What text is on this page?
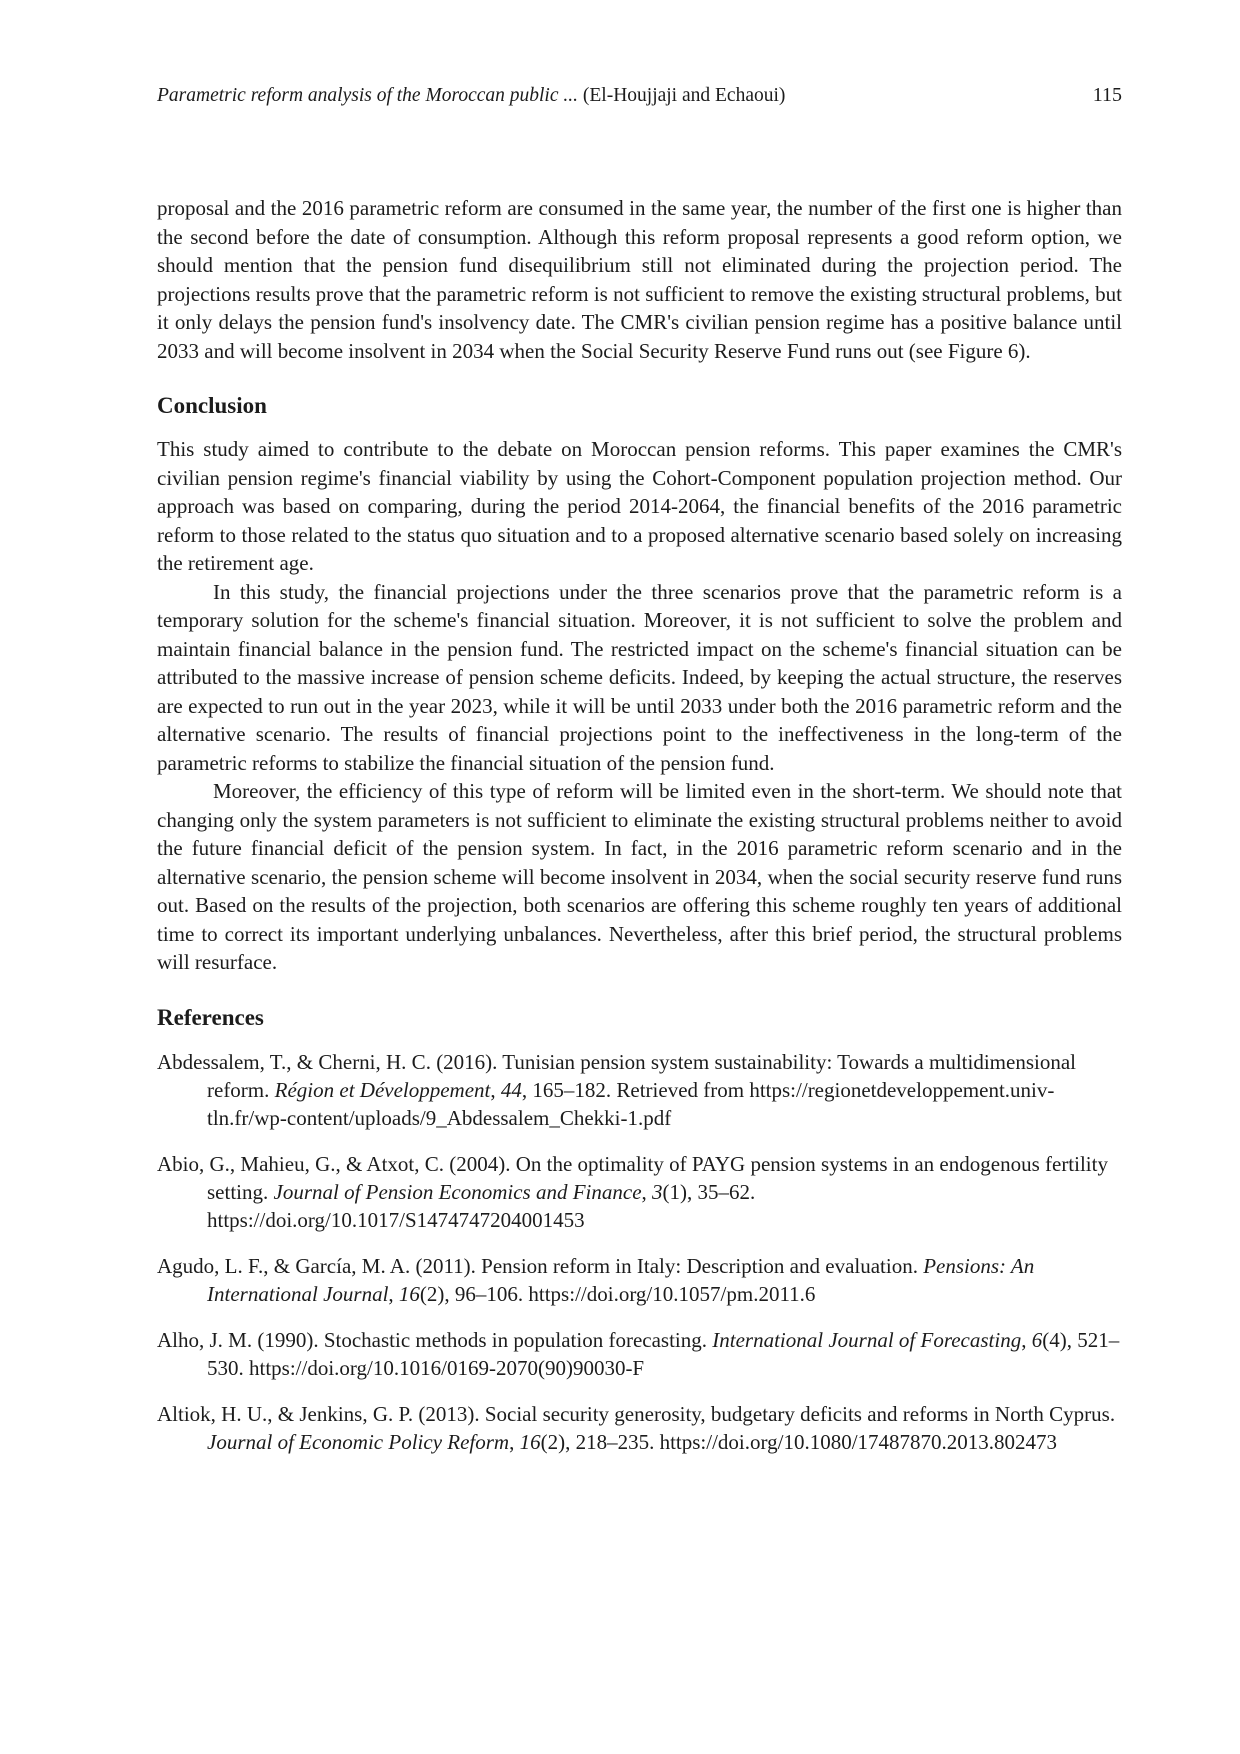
Parametric reform analysis of the Moroccan public ... (El-Houjjaji and Echaoui)	115

proposal and the 2016 parametric reform are consumed in the same year, the number of the first one is higher than the second before the date of consumption. Although this reform proposal represents a good reform option, we should mention that the pension fund disequilibrium still not eliminated during the projection period. The projections results prove that the parametric reform is not sufficient to remove the existing structural problems, but it only delays the pension fund's insolvency date. The CMR's civilian pension regime has a positive balance until 2033 and will become insolvent in 2034 when the Social Security Reserve Fund runs out (see Figure 6).

Conclusion

This study aimed to contribute to the debate on Moroccan pension reforms. This paper examines the CMR's civilian pension regime's financial viability by using the Cohort-Component population projection method. Our approach was based on comparing, during the period 2014-2064, the financial benefits of the 2016 parametric reform to those related to the status quo situation and to a proposed alternative scenario based solely on increasing the retirement age.

In this study, the financial projections under the three scenarios prove that the parametric reform is a temporary solution for the scheme's financial situation. Moreover, it is not sufficient to solve the problem and maintain financial balance in the pension fund. The restricted impact on the scheme's financial situation can be attributed to the massive increase of pension scheme deficits. Indeed, by keeping the actual structure, the reserves are expected to run out in the year 2023, while it will be until 2033 under both the 2016 parametric reform and the alternative scenario. The results of financial projections point to the ineffectiveness in the long-term of the parametric reforms to stabilize the financial situation of the pension fund.

Moreover, the efficiency of this type of reform will be limited even in the short-term. We should note that changing only the system parameters is not sufficient to eliminate the existing structural problems neither to avoid the future financial deficit of the pension system. In fact, in the 2016 parametric reform scenario and in the alternative scenario, the pension scheme will become insolvent in 2034, when the social security reserve fund runs out. Based on the results of the projection, both scenarios are offering this scheme roughly ten years of additional time to correct its important underlying unbalances. Nevertheless, after this brief period, the structural problems will resurface.

References

Abdessalem, T., & Cherni, H. C. (2016). Tunisian pension system sustainability: Towards a multidimensional reform. Région et Développement, 44, 165–182. Retrieved from https://regionetdeveloppement.univ-tln.fr/wp-content/uploads/9_Abdessalem_Chekki-1.pdf

Abio, G., Mahieu, G., & Atxot, C. (2004). On the optimality of PAYG pension systems in an endogenous fertility setting. Journal of Pension Economics and Finance, 3(1), 35–62. https://doi.org/10.1017/S1474747204001453

Agudo, L. F., & García, M. A. (2011). Pension reform in Italy: Description and evaluation. Pensions: An International Journal, 16(2), 96–106. https://doi.org/10.1057/pm.2011.6

Alho, J. M. (1990). Stochastic methods in population forecasting. International Journal of Forecasting, 6(4), 521–530. https://doi.org/10.1016/0169-2070(90)90030-F

Altiok, H. U., & Jenkins, G. P. (2013). Social security generosity, budgetary deficits and reforms in North Cyprus. Journal of Economic Policy Reform, 16(2), 218–235. https://doi.org/10.1080/17487870.2013.802473
